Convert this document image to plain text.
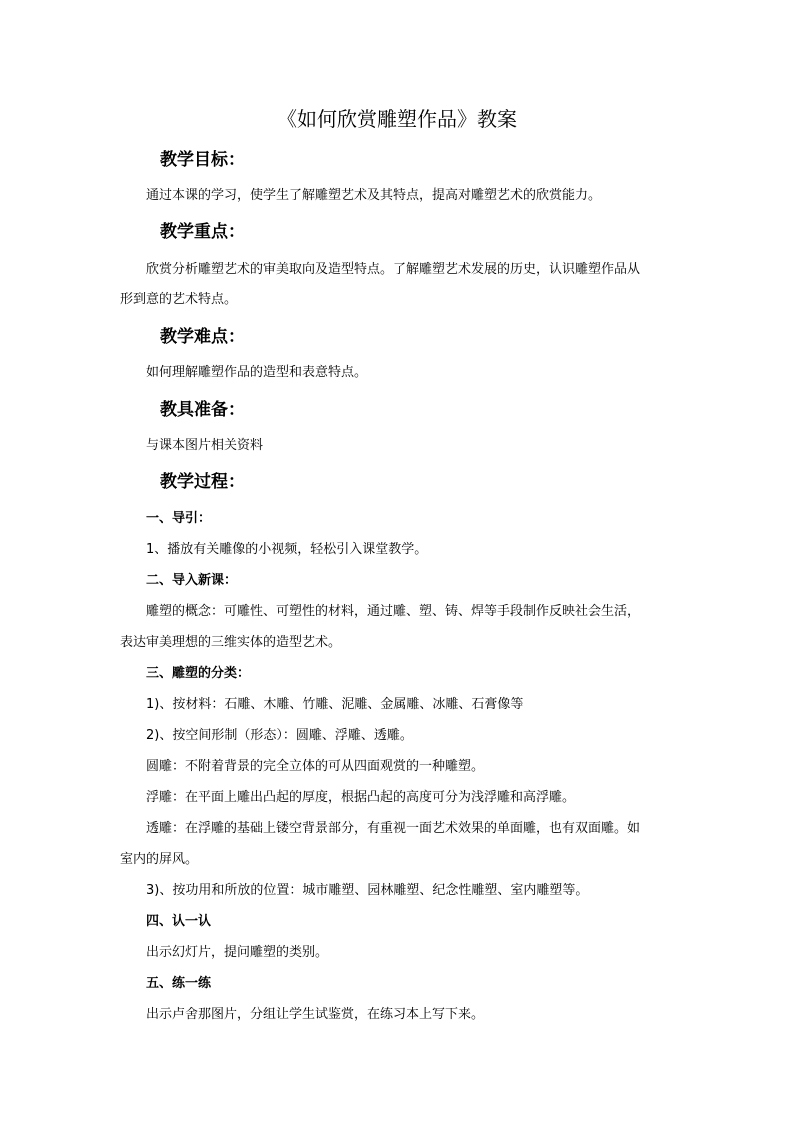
《如何欣赏雕塑作品》教案
教学目标：
通过本课的学习，使学生了解雕塑艺术及其特点，提高对雕塑艺术的欣赏能力。
教学重点：
欣赏分析雕塑艺术的审美取向及造型特点。了解雕塑艺术发展的历史，认识雕塑作品从
形到意的艺术特点。
教学难点：
如何理解雕塑作品的造型和表意特点。
教具准备：
与课本图片相关资料
教学过程：
一、导引：
1、播放有关雕像的小视频，轻松引入课堂教学。
二、导入新课：
雕塑的概念：可雕性、可塑性的材料，通过雕、塑、铸、焊等手段制作反映社会生活，
表达审美理想的三维实体的造型艺术。
三、雕塑的分类：
1)、按材料：石雕、木雕、竹雕、泥雕、金属雕、冰雕、石膏像等
2)、按空间形制（形态）：圆雕、浮雕、透雕。
圆雕：不附着背景的完全立体的可从四面观赏的一种雕塑。
浮雕：在平面上雕出凸起的厚度，根据凸起的高度可分为浅浮雕和高浮雕。
透雕：在浮雕的基础上镂空背景部分，有重视一面艺术效果的单面雕，也有双面雕。如
室内的屏风。
3)、按功用和所放的位置：城市雕塑、园林雕塑、纪念性雕塑、室内雕塑等。
四、认一认
出示幻灯片，提问雕塑的类别。
五、练一练
出示卢舍那图片，分组让学生试鉴赏，在练习本上写下来。
